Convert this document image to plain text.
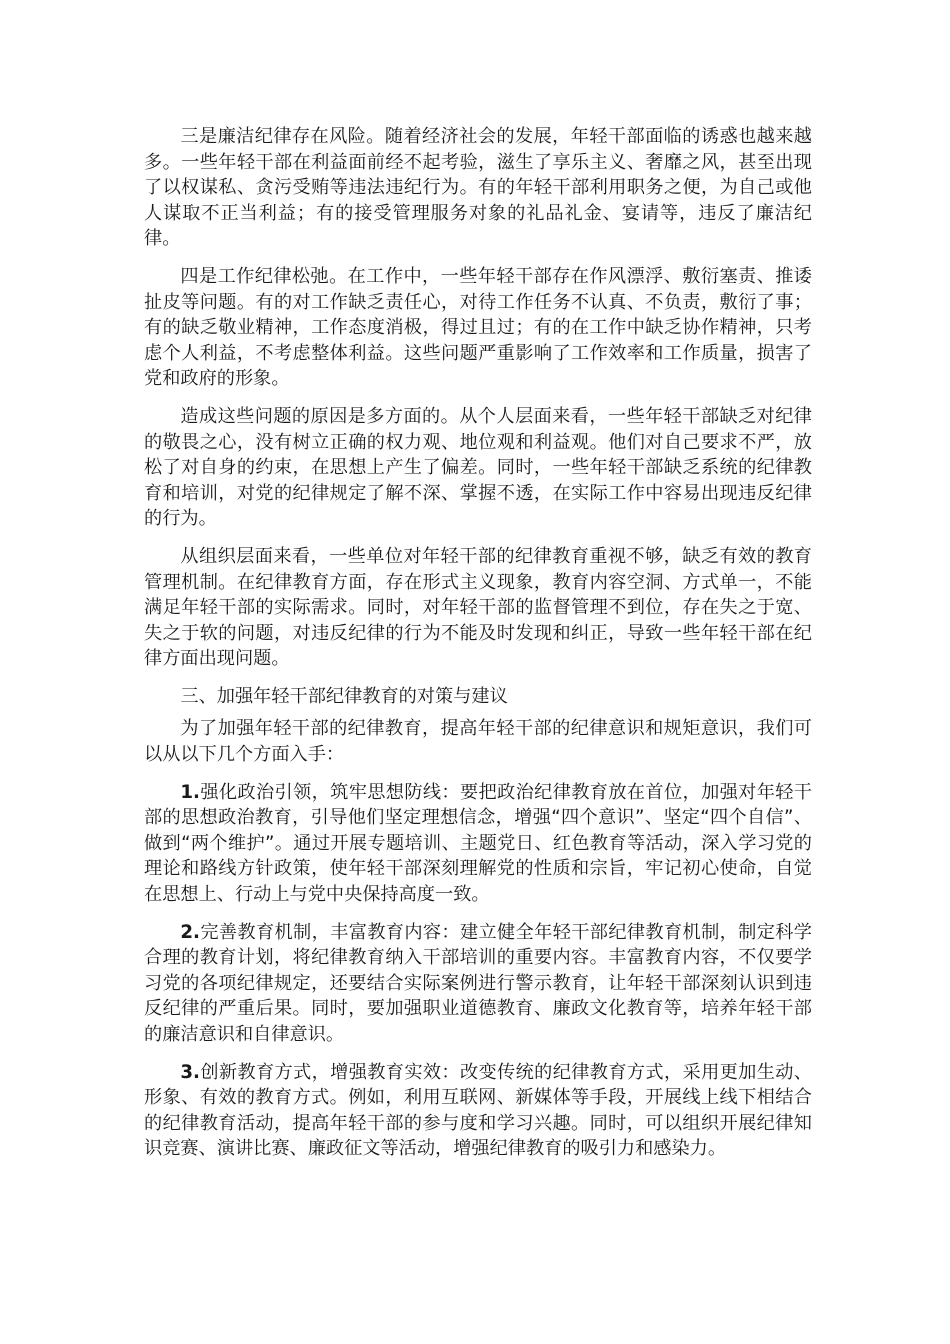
三是廉洁纪律存在风险。随着经济社会的发展，年轻干部面临的诱惑也越来越多。一些年轻干部在利益面前经不起考验，滋生了享乐主义、奢靡之风，甚至出现了以权谋私、贪污受贿等违法违纪行为。有的年轻干部利用职务之便，为自己或他人谋取不正当利益；有的接受管理服务对象的礼品礼金、宴请等，违反了廉洁纪律。

四是工作纪律松弛。在工作中，一些年轻干部存在作风漂浮、敷衍塞责、推诿扯皮等问题。有的对工作缺乏责任心，对待工作任务不认真、不负责，敷衍了事；有的缺乏敬业精神，工作态度消极，得过且过；有的在工作中缺乏协作精神，只考虑个人利益，不考虑整体利益。这些问题严重影响了工作效率和工作质量，损害了党和政府的形象。

造成这些问题的原因是多方面的。从个人层面来看，一些年轻干部缺乏对纪律的敬畏之心，没有树立正确的权力观、地位观和利益观。他们对自己要求不严，放松了对自身的约束，在思想上产生了偏差。同时，一些年轻干部缺乏系统的纪律教育和培训，对党的纪律规定了解不深、掌握不透，在实际工作中容易出现违反纪律的行为。

从组织层面来看，一些单位对年轻干部的纪律教育重视不够，缺乏有效的教育管理机制。在纪律教育方面，存在形式主义现象，教育内容空洞、方式单一，不能满足年轻干部的实际需求。同时，对年轻干部的监督管理不到位，存在失之于宽、失之于软的问题，对违反纪律的行为不能及时发现和纠正，导致一些年轻干部在纪律方面出现问题。

三、加强年轻干部纪律教育的对策与建议

为了加强年轻干部的纪律教育，提高年轻干部的纪律意识和规矩意识，我们可以从以下几个方面入手：

1.强化政治引领，筑牢思想防线：要把政治纪律教育放在首位，加强对年轻干部的思想政治教育，引导他们坚定理想信念，增强“四个意识”、坚定“四个自信”、做到“两个维护”。通过开展专题培训、主题党日、红色教育等活动，深入学习党的理论和路线方针政策，使年轻干部深刻理解党的性质和宗旨，牢记初心使命，自觉在思想上、行动上与党中央保持高度一致。

2.完善教育机制，丰富教育内容：建立健全年轻干部纪律教育机制，制定科学合理的教育计划，将纪律教育纳入干部培训的重要内容。丰富教育内容，不仅要学习党的各项纪律规定，还要结合实际案例进行警示教育，让年轻干部深刻认识到违反纪律的严重后果。同时，要加强职业道德教育、廉政文化教育等，培养年轻干部的廉洁意识和自律意识。

3.创新教育方式，增强教育实效：改变传统的纪律教育方式，采用更加生动、形象、有效的教育方式。例如，利用互联网、新媒体等手段，开展线上线下相结合的纪律教育活动，提高年轻干部的参与度和学习兴趣。同时，可以组织开展纪律知识竞赛、演讲比赛、廉政征文等活动，增强纪律教育的吸引力和感染力。
